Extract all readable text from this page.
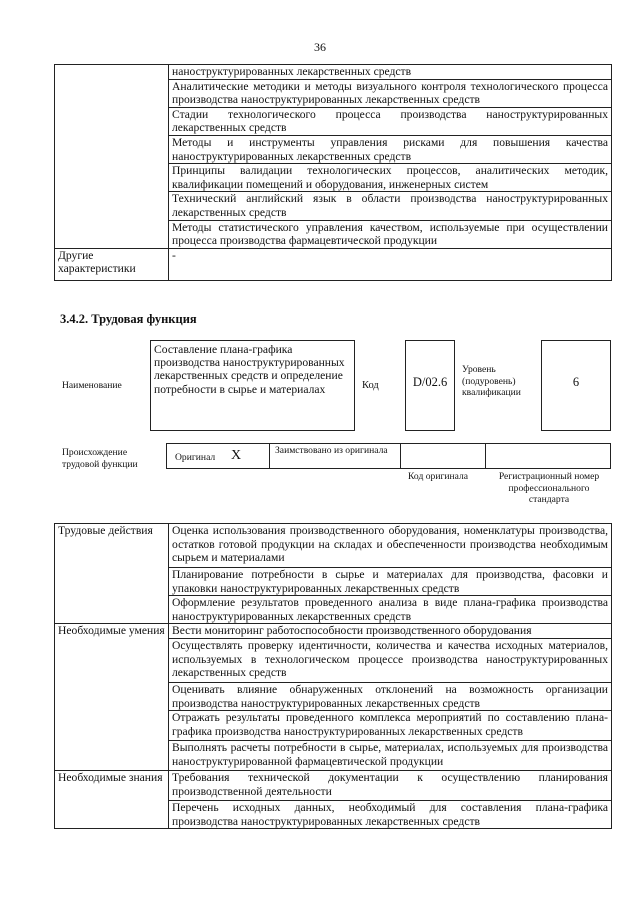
36
	наноструктурированных лекарственных средств
	Аналитические методики и методы визуального контроля технологического процесса производства наноструктурированных лекарственных средств
	Стадии технологического процесса производства наноструктурированных лекарственных средств
	Методы и инструменты управления рисками для повышения качества наноструктурированных лекарственных средств
	Принципы валидации технологических процессов, аналитических методик, квалификации помещений и оборудования, инженерных систем
	Технический английский язык в области производства наноструктурированных лекарственных средств
	Методы статистического управления качеством, используемые при осуществлении процесса производства фармацевтической продукции
Другие характеристики	-
3.4.2. Трудовая функция
Наименование
Составление плана-графика производства наноструктурированных лекарственных средств и определение потребности в сырье и материалах	Код	D/02.6
Уровень (подуровень) квалификации
6
Происхождение трудовой функции
Оригинал X	Заимствовано из оригинала
Код оригинала	Регистрационный номер профессионального стандарта
Трудовые действия	Оценка использования производственного оборудования, номенклатуры производства, остатков готовой продукции на складах и обеспеченности производства необходимым сырьем и материалами
	Планирование потребности в сырье и материалах для производства, фасовки и упаковки наноструктурированных лекарственных средств
	Оформление результатов проведенного анализа в виде плана-графика производства наноструктурированных лекарственных средств
Необходимые умения	Вести мониторинг работоспособности производственного оборудования
	Осуществлять проверку идентичности, количества и качества исходных материалов, используемых в технологическом процессе производства наноструктурированных лекарственных средств
	Оценивать влияние обнаруженных отклонений на возможность организации производства наноструктурированных лекарственных средств
	Отражать результаты проведенного комплекса мероприятий по составлению плана-графика производства наноструктурированных лекарственных средств
	Выполнять расчеты потребности в сырье, материалах, используемых для производства наноструктурированной фармацевтической продукции
Необходимые знания	Требования технической документации к осуществлению планирования производственной деятельности
	Перечень исходных данных, необходимый для составления плана-графика производства наноструктурированных лекарственных средств
